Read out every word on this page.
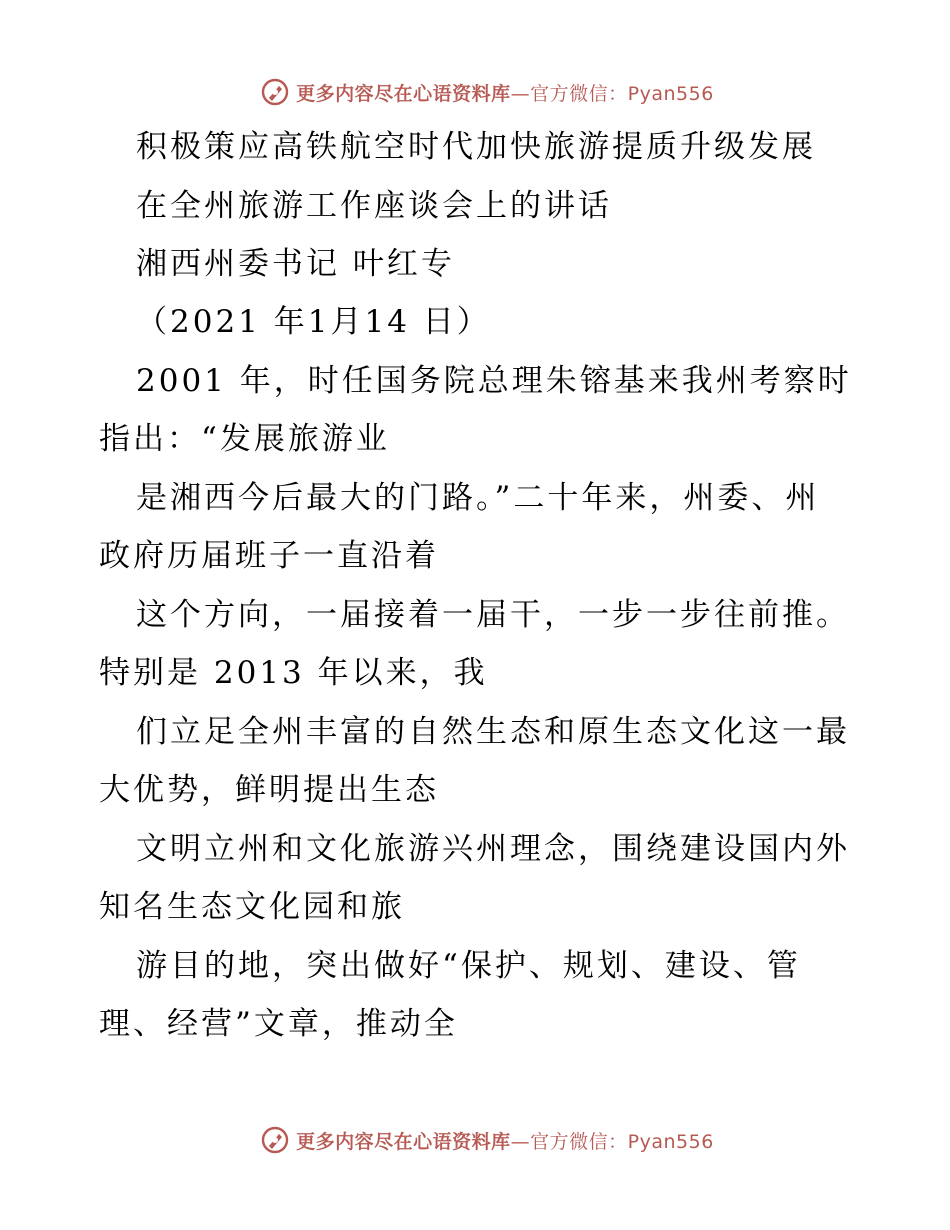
更多内容尽在心语资料库—官方微信：Pyan556
积极策应高铁航空时代加快旅游提质升级发展
在全州旅游工作座谈会上的讲话
湘西州委书记 叶红专
（2021 年1月14 日）
2001 年，时任国务院总理朱镕基来我州考察时
指出：“发展旅游业
是湘西今后最大的门路。”二十年来，州委、州
政府历届班子一直沿着
这个方向，一届接着一届干，一步一步往前推。
特别是 2013 年以来，我
们立足全州丰富的自然生态和原生态文化这一最
大优势，鲜明提出生态
文明立州和文化旅游兴州理念，围绕建设国内外
知名生态文化园和旅
游目的地，突出做好“保护、规划、建设、管
理、经营”文章，推动全
更多内容尽在心语资料库—官方微信：Pyan556
